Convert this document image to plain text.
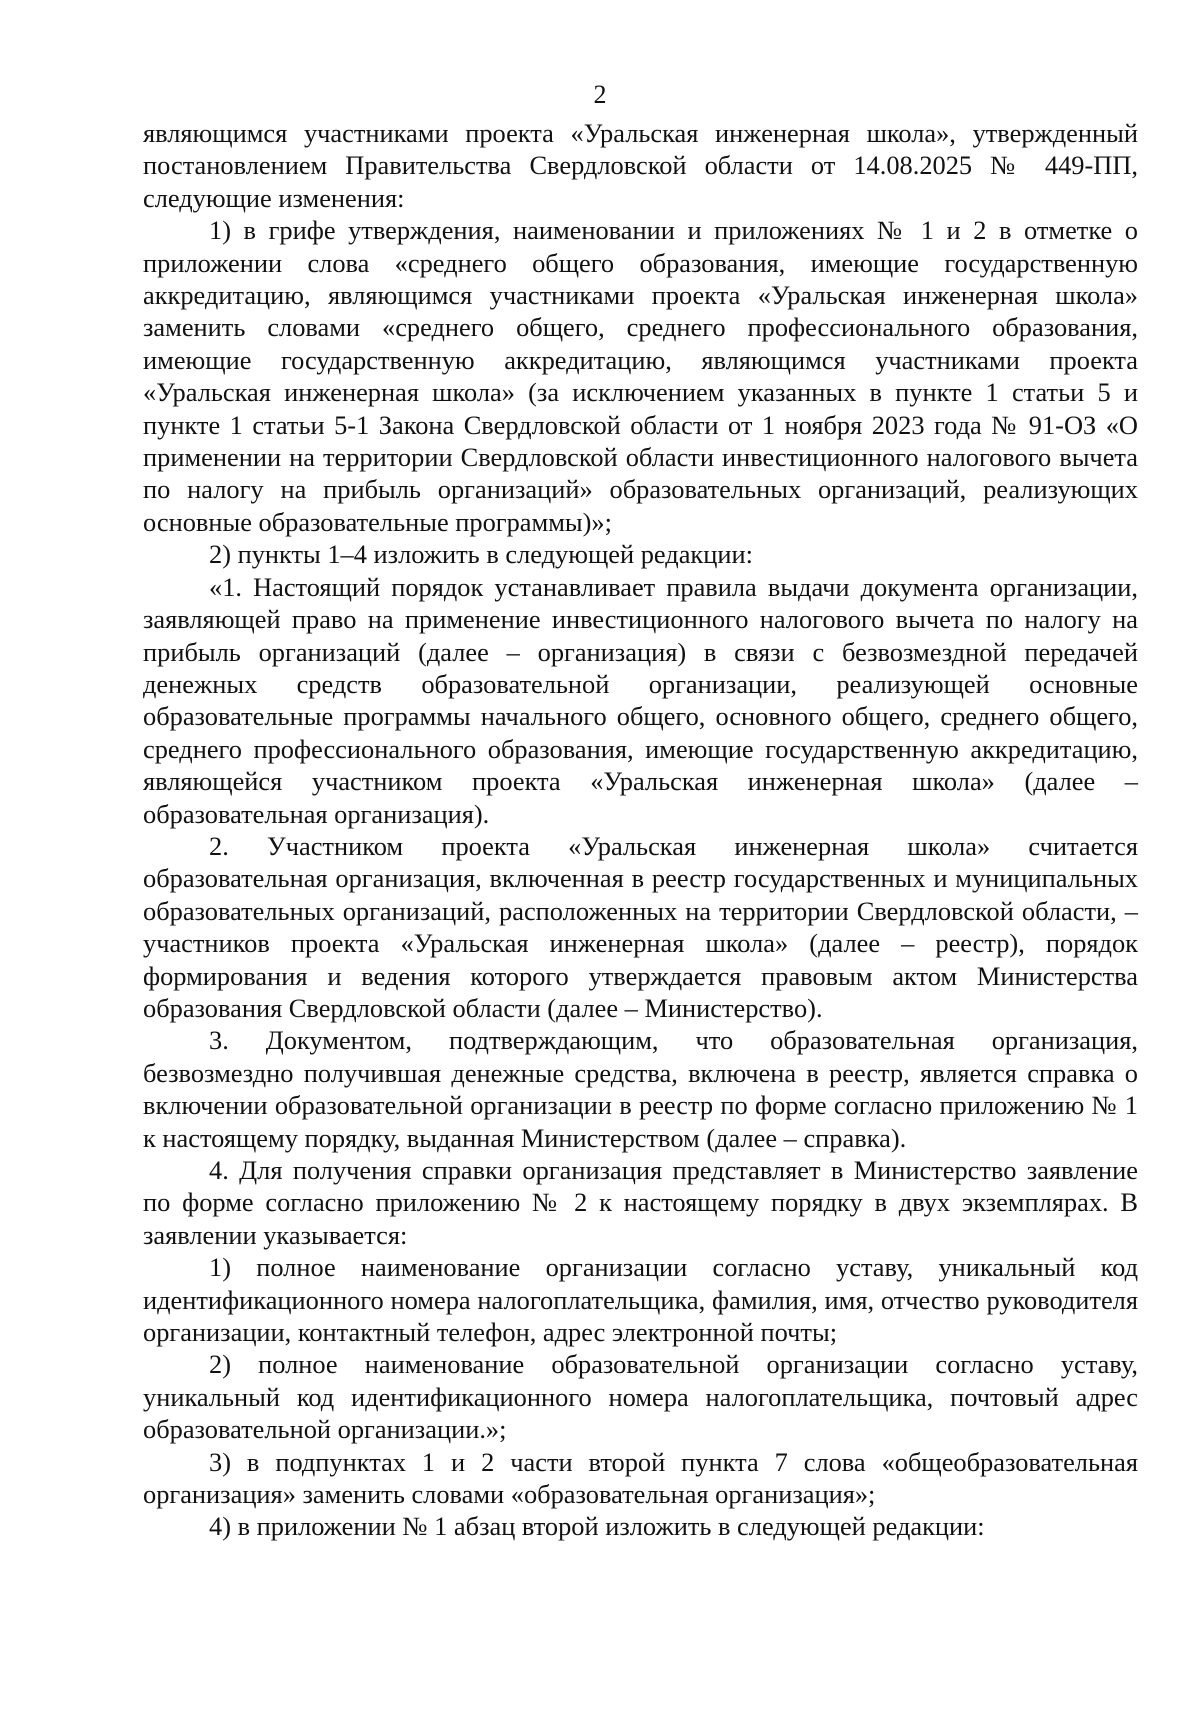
2

являющимся участниками проекта «Уральская инженерная школа», утвержденный постановлением Правительства Свердловской области от 14.08.2025 № 449-ПП, следующие изменения:

1) в грифе утверждения, наименовании и приложениях № 1 и 2 в отметке о приложении слова «среднего общего образования, имеющие государственную аккредитацию, являющимся участниками проекта «Уральская инженерная школа» заменить словами «среднего общего, среднего профессионального образования, имеющие государственную аккредитацию, являющимся участниками проекта «Уральская инженерная школа» (за исключением указанных в пункте 1 статьи 5 и пункте 1 статьи 5-1 Закона Свердловской области от 1 ноября 2023 года № 91-ОЗ «О применении на территории Свердловской области инвестиционного налогового вычета по налогу на прибыль организаций» образовательных организаций, реализующих основные образовательные программы)»;

2) пункты 1–4 изложить в следующей редакции:

«1. Настоящий порядок устанавливает правила выдачи документа организации, заявляющей право на применение инвестиционного налогового вычета по налогу на прибыль организаций (далее – организация) в связи с безвозмездной передачей денежных средств образовательной организации, реализующей основные образовательные программы начального общего, основного общего, среднего общего, среднего профессионального образования, имеющие государственную аккредитацию, являющейся участником проекта «Уральская инженерная школа» (далее – образовательная организация).

2. Участником проекта «Уральская инженерная школа» считается образовательная организация, включенная в реестр государственных и муниципальных образовательных организаций, расположенных на территории Свердловской области, – участников проекта «Уральская инженерная школа» (далее – реестр), порядок формирования и ведения которого утверждается правовым актом Министерства образования Свердловской области (далее – Министерство).

3. Документом, подтверждающим, что образовательная организация, безвозмездно получившая денежные средства, включена в реестр, является справка о включении образовательной организации в реестр по форме согласно приложению № 1 к настоящему порядку, выданная Министерством (далее – справка).

4. Для получения справки организация представляет в Министерство заявление по форме согласно приложению № 2 к настоящему порядку в двух экземплярах. В заявлении указывается:

1) полное наименование организации согласно уставу, уникальный код идентификационного номера налогоплательщика, фамилия, имя, отчество руководителя организации, контактный телефон, адрес электронной почты;

2) полное наименование образовательной организации согласно уставу, уникальный код идентификационного номера налогоплательщика, почтовый адрес образовательной организации.»;

3) в подпунктах 1 и 2 части второй пункта 7 слова «общеобразовательная организация» заменить словами «образовательная организация»;

4) в приложении № 1 абзац второй изложить в следующей редакции:
